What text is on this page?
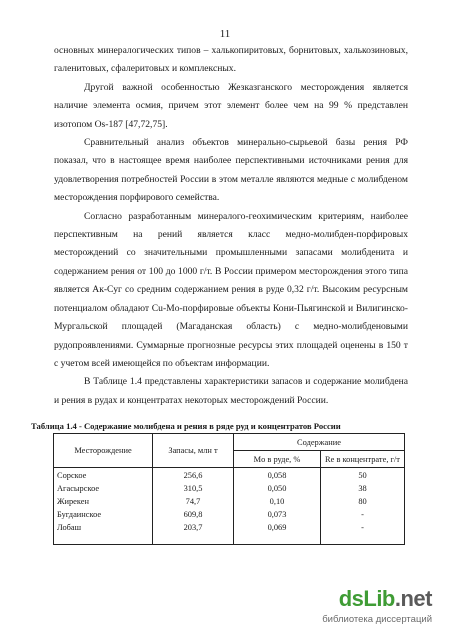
11

основных минералогических типов – халькопиритовых, борнитовых, халькозиновых, галенитовых, сфалеритовых и комплексных.

Другой важной особенностью Жезказганского месторождения является наличие элемента осмия, причем этот элемент более чем на 99 % представлен изотопом Os-187 [47,72,75].

Сравнительный анализ объектов минерально-сырьевой базы рения РФ показал, что в настоящее время наиболее перспективными источниками рения для удовлетворения потребностей России в этом металле являются медные с молибденом месторождения порфирового семейства.

Согласно разработанным минералого-геохимическим критериям, наиболее перспективным на рений является класс медно-молибден-порфировых месторождений со значительными промышленными запасами молибденита и содержанием рения от 100 до 1000 г/т. В России примером месторождения этого типа является Ак-Суг со средним содержанием рения в руде 0,32 г/т. Высоким ресурсным потенциалом обладают Cu-Mo-порфировые объекты Кони-Пьягинской и Вилигинско-Мургальской площадей (Магаданская область) с медно-молибденовыми рудопроявлениями. Суммарные прогнозные ресурсы этих площадей оценены в 150 т с учетом всей имеющейся по объектам информации.

В Таблице 1.4 представлены характеристики запасов и содержание молибдена и рения в рудах и концентратах некоторых месторождений России.

Таблица 1.4 - Содержание молибдена и рения в ряде руд и концентратов России
Месторождение	Запасы, млн т	Содержание	
		Mo в руде, %	Re в концентрате, г/т
Сорское	256,6	0,058	50
Агасырское	310,5	0,050	38
Жирекен	74,7	0,10	80
Бугдаинское	609,8	0,073	-
Лобаш	203,7	0,069	-
dsLib.net
библиотека диссертаций
